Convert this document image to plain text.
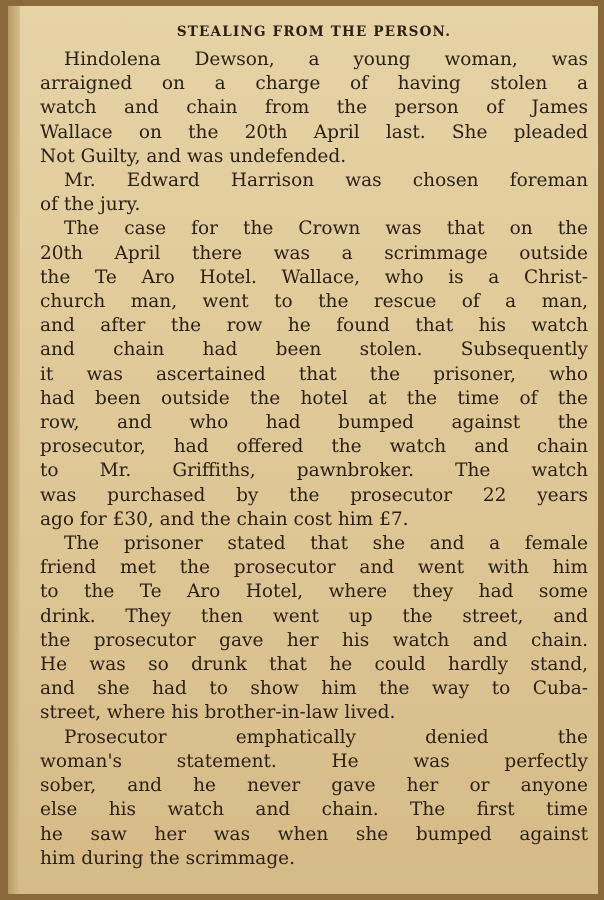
STEALING FROM THE PERSON.
Hindolena Dewson, a young woman, was
arraigned on a charge of having stolen a
watch and chain from the person of James
Wallace on the 20th April last. She pleaded
Not Guilty, and was undefended.
Mr. Edward Harrison was chosen foreman
of the jury.
The case for the Crown was that on the
20th April there was a scrimmage outside
the Te Aro Hotel. Wallace, who is a Christ-
church man, went to the rescue of a man,
and after the row he found that his watch
and chain had been stolen. Subsequently
it was ascertained that the prisoner, who
had been outside the hotel at the time of the
row, and who had bumped against the
prosecutor, had offered the watch and chain
to Mr. Griffiths, pawnbroker. The watch
was purchased by the prosecutor 22 years
ago for £30, and the chain cost him £7.
The prisoner stated that she and a female
friend met the prosecutor and went with him
to the Te Aro Hotel, where they had some
drink. They then went up the street, and
the prosecutor gave her his watch and chain.
He was so drunk that he could hardly stand,
and she had to show him the way to Cuba-
street, where his brother-in-law lived.
Prosecutor emphatically denied the
woman's statement. He was perfectly
sober, and he never gave her or anyone
else his watch and chain. The first time
he saw her was when she bumped against
him during the scrimmage.
